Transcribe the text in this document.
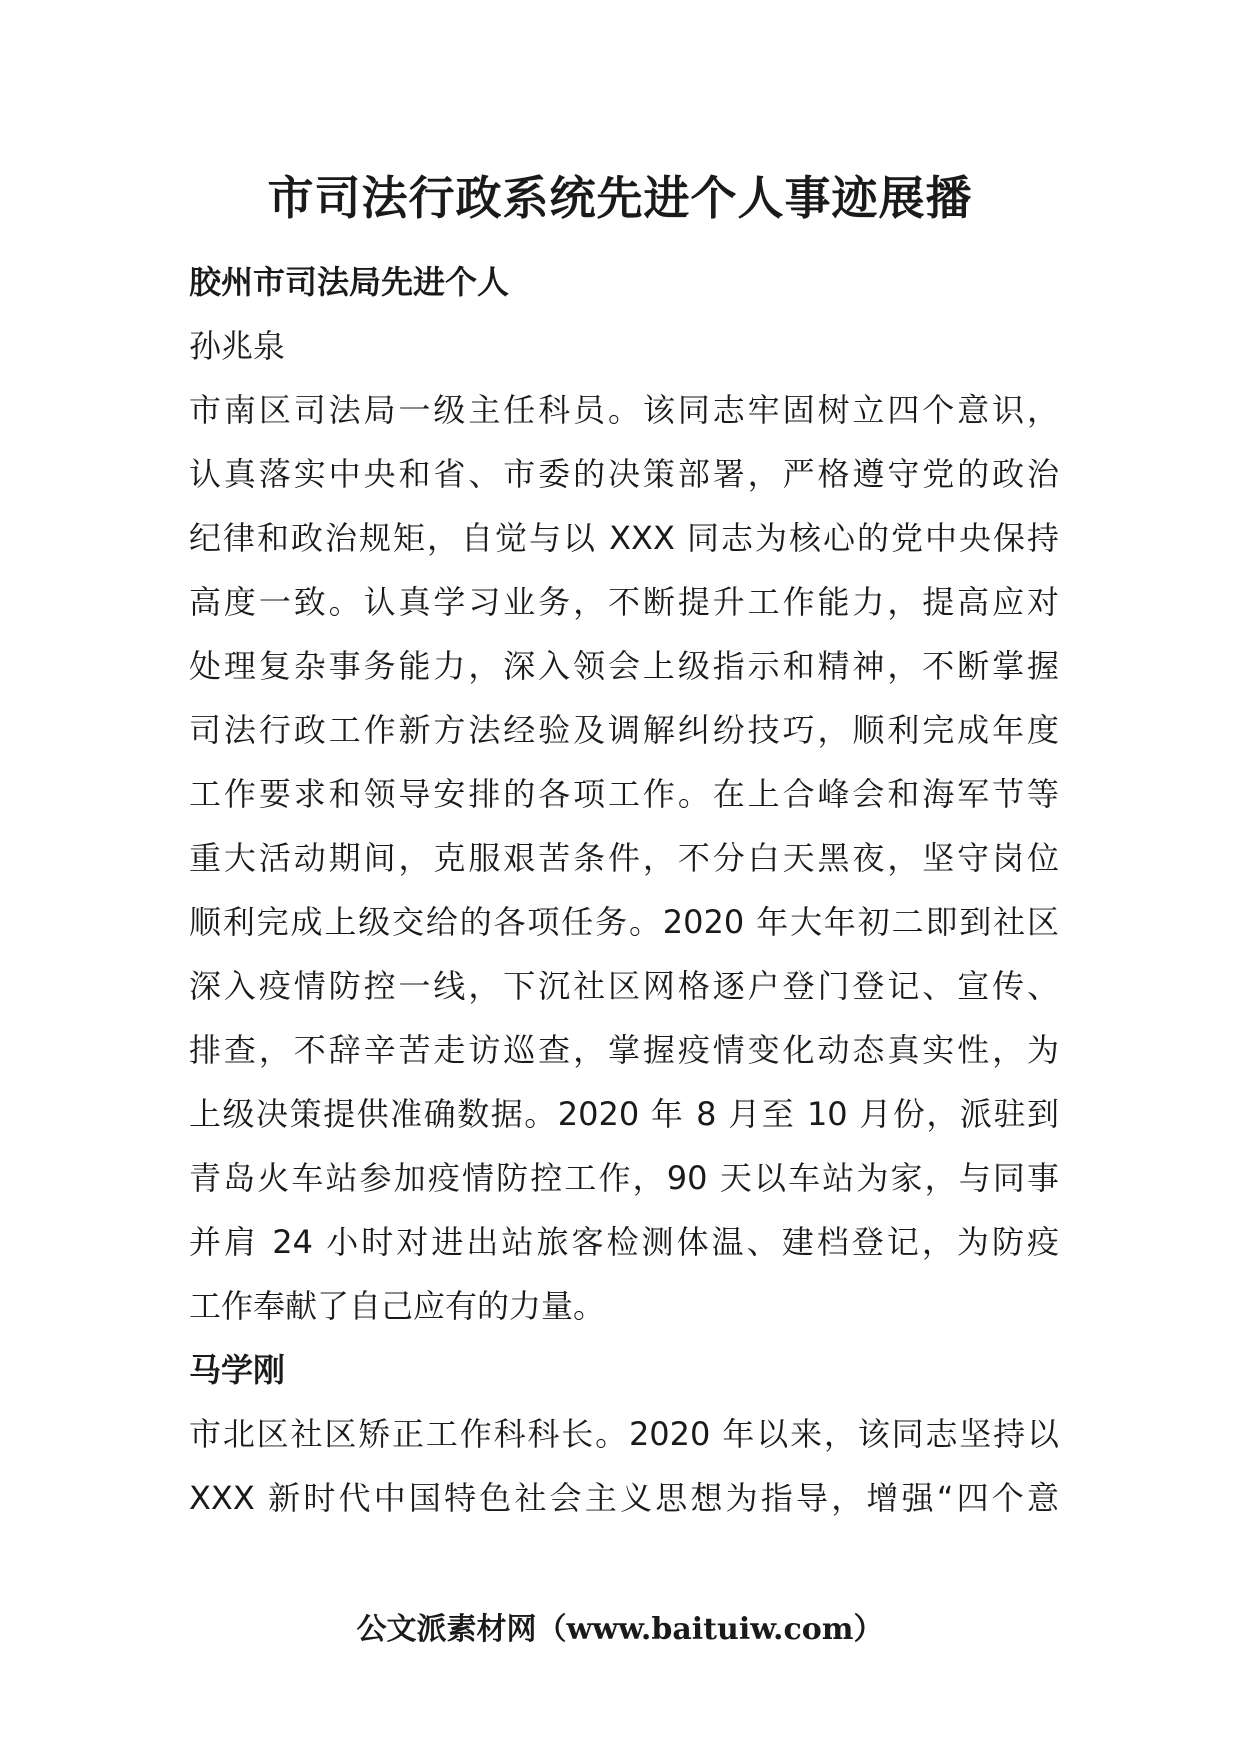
市司法行政系统先进个人事迹展播
胶州市司法局先进个人
孙兆泉
市南区司法局一级主任科员。该同志牢固树立四个意识，
认真落实中央和省、市委的决策部署，严格遵守党的政治
纪律和政治规矩，自觉与以 XXX 同志为核心的党中央保持
高度一致。认真学习业务，不断提升工作能力，提高应对
处理复杂事务能力，深入领会上级指示和精神，不断掌握
司法行政工作新方法经验及调解纠纷技巧，顺利完成年度
工作要求和领导安排的各项工作。在上合峰会和海军节等
重大活动期间，克服艰苦条件，不分白天黑夜，坚守岗位
顺利完成上级交给的各项任务。2020 年大年初二即到社区
深入疫情防控一线，下沉社区网格逐户登门登记、宣传、
排查，不辞辛苦走访巡查，掌握疫情变化动态真实性，为
上级决策提供准确数据。2020 年 8 月至 10 月份，派驻到
青岛火车站参加疫情防控工作，90 天以车站为家，与同事
并肩 24 小时对进出站旅客检测体温、建档登记，为防疫
工作奉献了自己应有的力量。
马学刚
市北区社区矫正工作科科长。2020 年以来，该同志坚持以
XXX 新时代中国特色社会主义思想为指导，增强“四个意
公文派素材网（www.baituiw.com）
